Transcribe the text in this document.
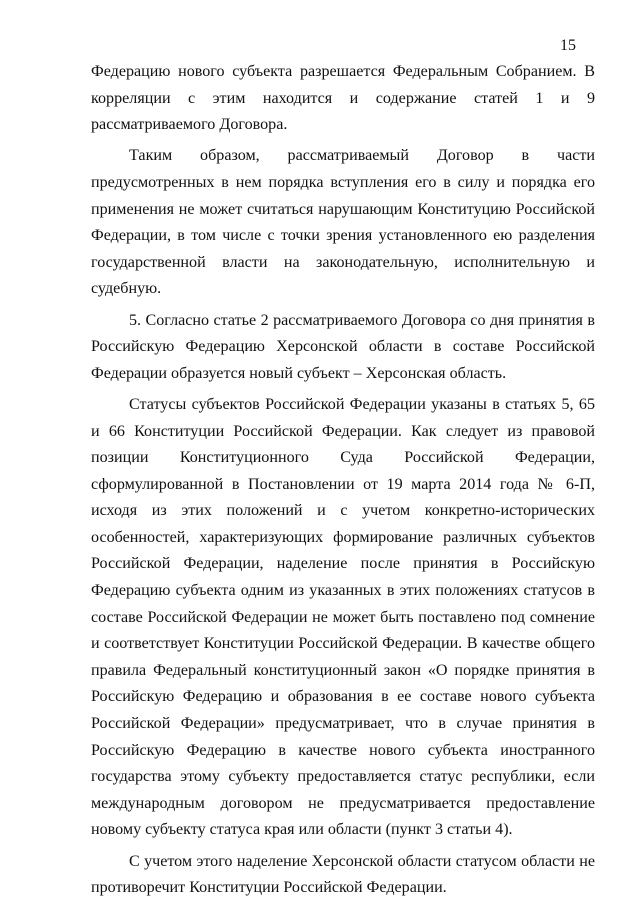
15

Федерацию нового субъекта разрешается Федеральным Собранием. В корреляции с этим находится и содержание статей 1 и 9 рассматриваемого Договора.

Таким образом, рассматриваемый Договор в части предусмотренных в нем порядка вступления его в силу и порядка его применения не может считаться нарушающим Конституцию Российской Федерации, в том числе с точки зрения установленного ею разделения государственной власти на законодательную, исполнительную и судебную.

5. Согласно статье 2 рассматриваемого Договора со дня принятия в Российскую Федерацию Херсонской области в составе Российской Федерации образуется новый субъект – Херсонская область.

Статусы субъектов Российской Федерации указаны в статьях 5, 65 и 66 Конституции Российской Федерации. Как следует из правовой позиции Конституционного Суда Российской Федерации, сформулированной в Постановлении от 19 марта 2014 года № 6-П, исходя из этих положений и с учетом конкретно-исторических особенностей, характеризующих формирование различных субъектов Российской Федерации, наделение после принятия в Российскую Федерацию субъекта одним из указанных в этих положениях статусов в составе Российской Федерации не может быть поставлено под сомнение и соответствует Конституции Российской Федерации. В качестве общего правила Федеральный конституционный закон «О порядке принятия в Российскую Федерацию и образования в ее составе нового субъекта Российской Федерации» предусматривает, что в случае принятия в Российскую Федерацию в качестве нового субъекта иностранного государства этому субъекту предоставляется статус республики, если международным договором не предусматривается предоставление новому субъекту статуса края или области (пункт 3 статьи 4).

С учетом этого наделение Херсонской области статусом области не противоречит Конституции Российской Федерации.
